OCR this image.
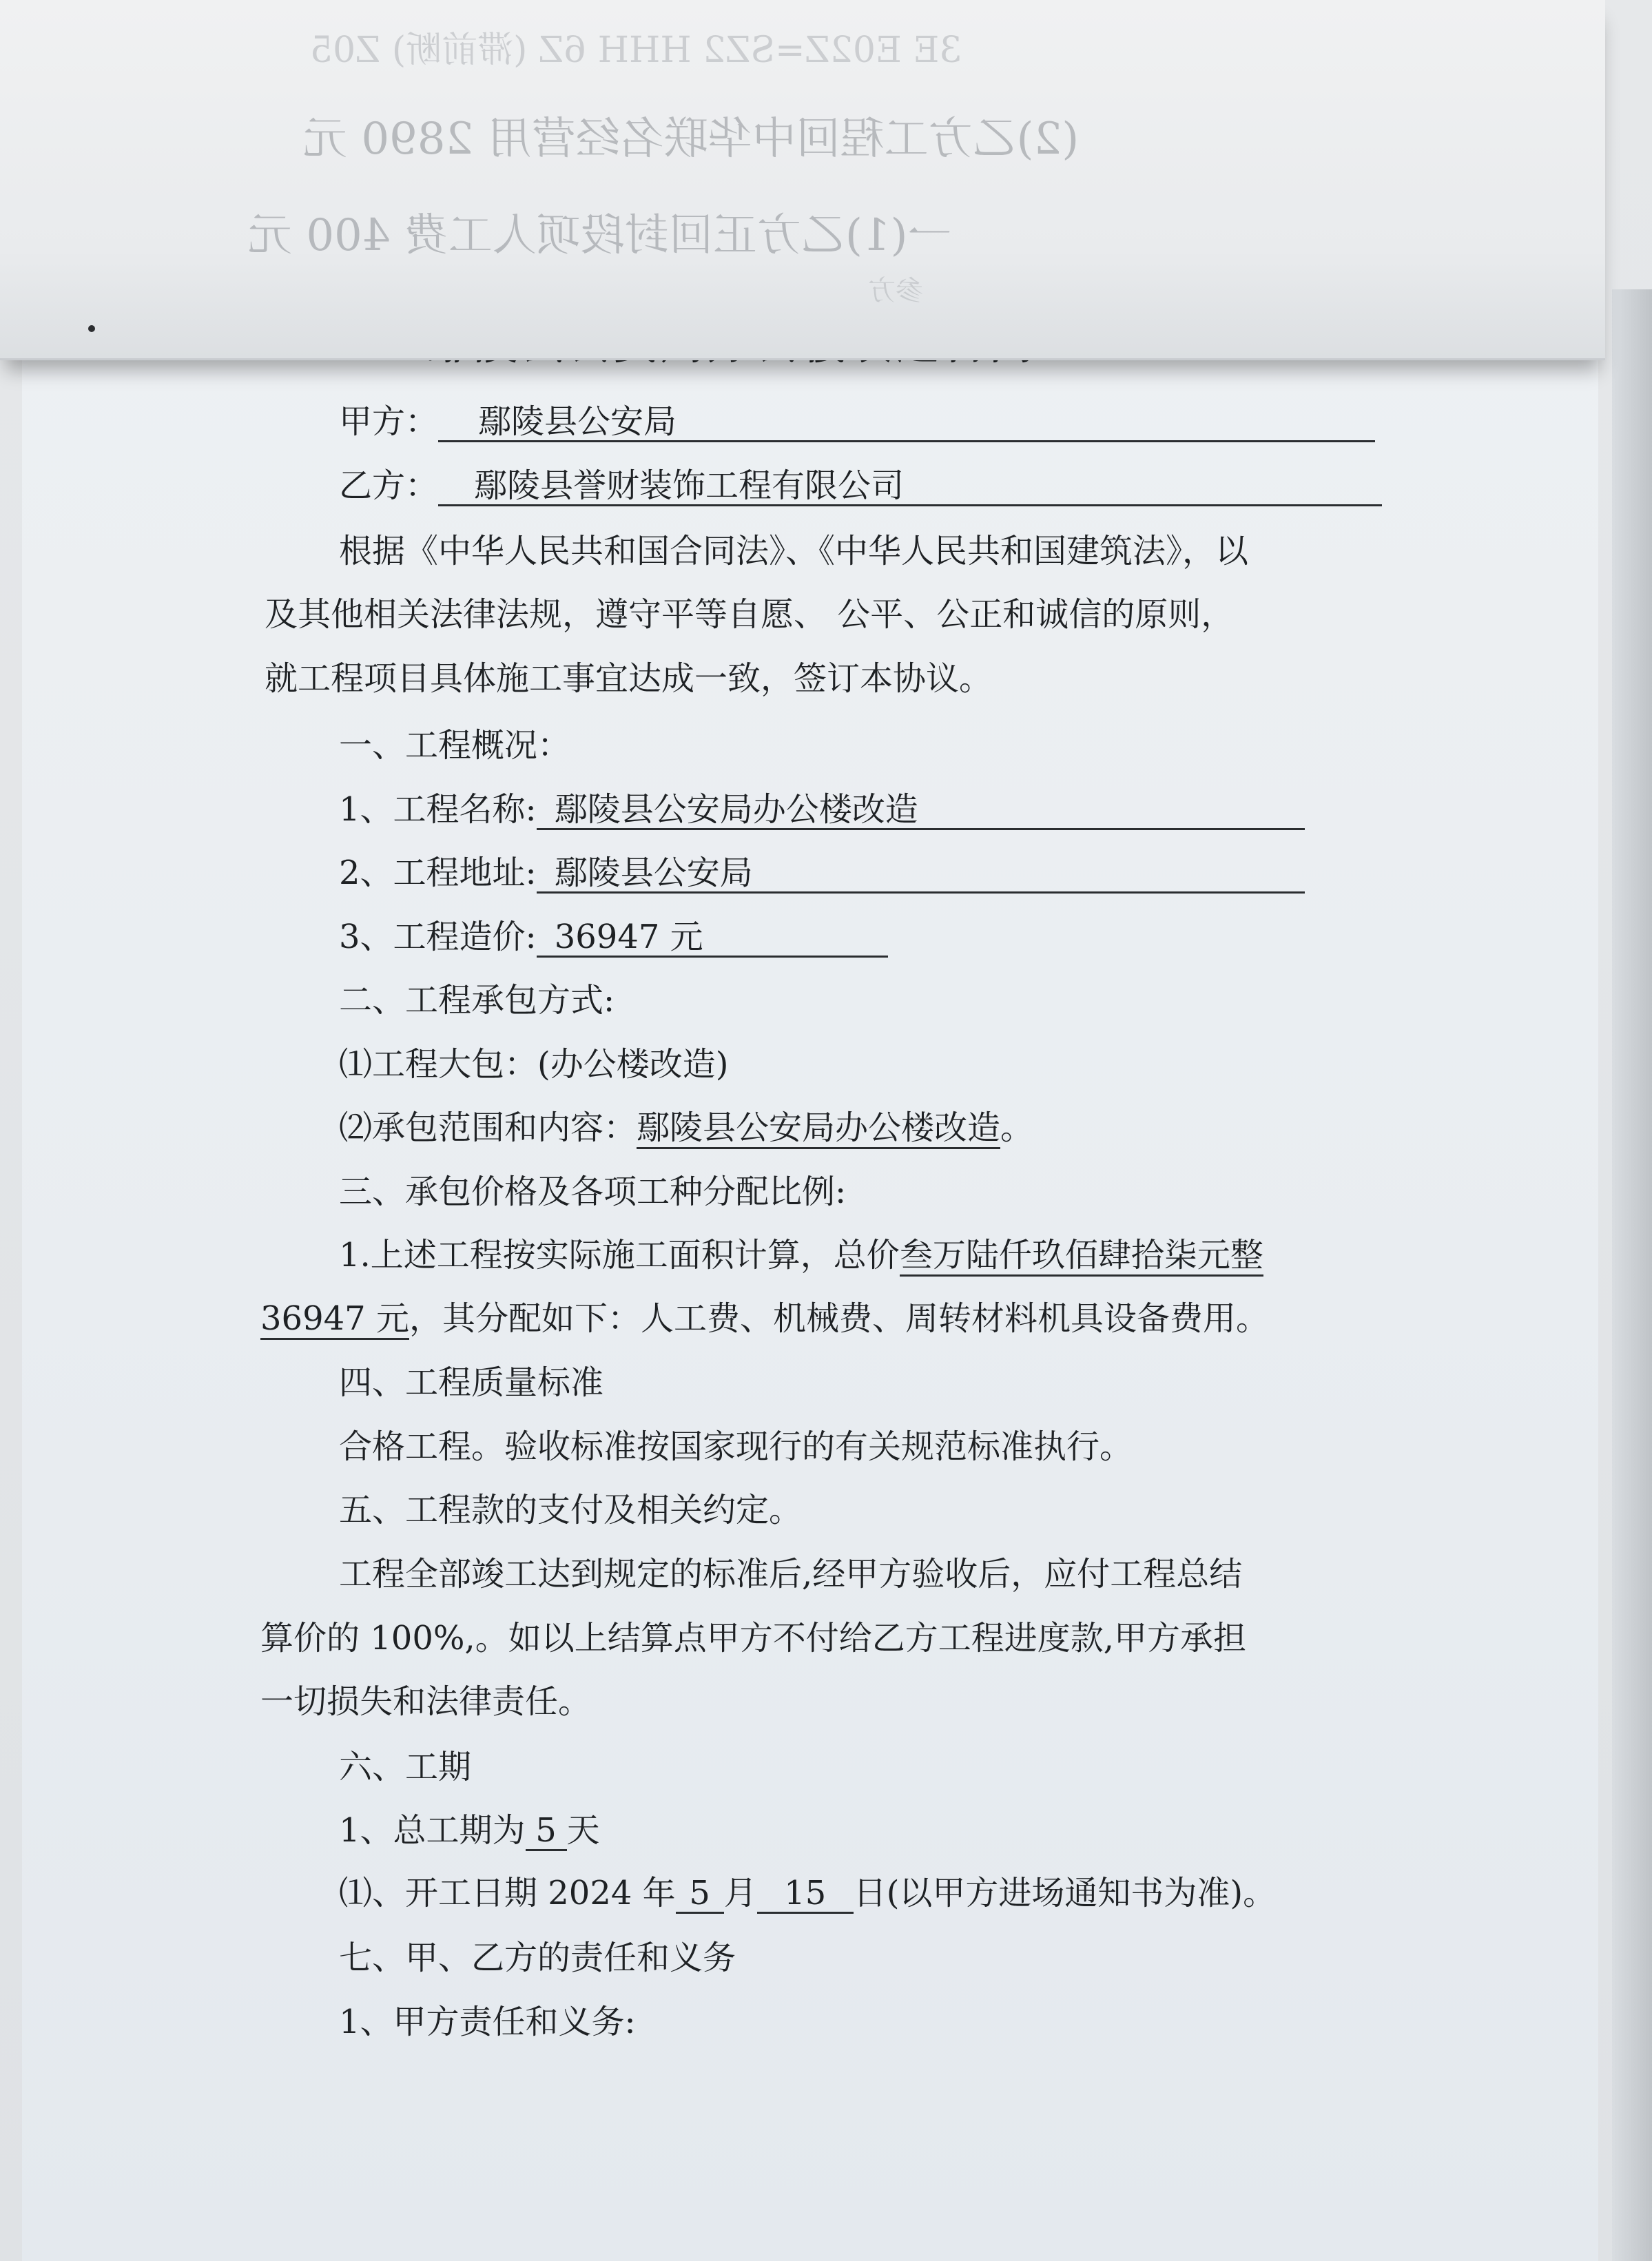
3E E02Z=SZ2 HHH 6Z (滞前断) Z05
(2)乙方工程回中华联名经营用 2890 元
一(1)乙方正回封段项人工费 400 元
参方
甲方： 鄢陵县公安局
乙方： 鄢陵县誉财装饰工程有限公司
根据《中华人民共和国合同法》、《中华人民共和国建筑法》，以
及其他相关法律法规，遵守平等自愿、 公平、公正和诚信的原则，
就工程项目具体施工事宜达成一致，签订本协议。
一、工程概况：
1、工程名称: 鄢陵县公安局办公楼改造
2、工程地址: 鄢陵县公安局
3、工程造价: 36947 元
二、工程承包方式:
⑴工程大包：(办公楼改造)
⑵承包范围和内容：鄢陵县公安局办公楼改造。
三、承包价格及各项工种分配比例:
1.上述工程按实际施工面积计算，总价叁万陆仟玖佰肆拾柒元整
36947 元，其分配如下：人工费、机械费、周转材料机具设备费用。
四、工程质量标准
合格工程。验收标准按国家现行的有关规范标准执行。
五、工程款的支付及相关约定。
工程全部竣工达到规定的标准后,经甲方验收后，应付工程总结
算价的 100%,。如以上结算点甲方不付给乙方工程进度款,甲方承担
一切损失和法律责任。
六、工期
1、总工期为 5 天
⑴、开工日期 2024 年 5 月 15 日(以甲方进场通知书为准)。
七、甲、乙方的责任和义务
1、甲方责任和义务:
